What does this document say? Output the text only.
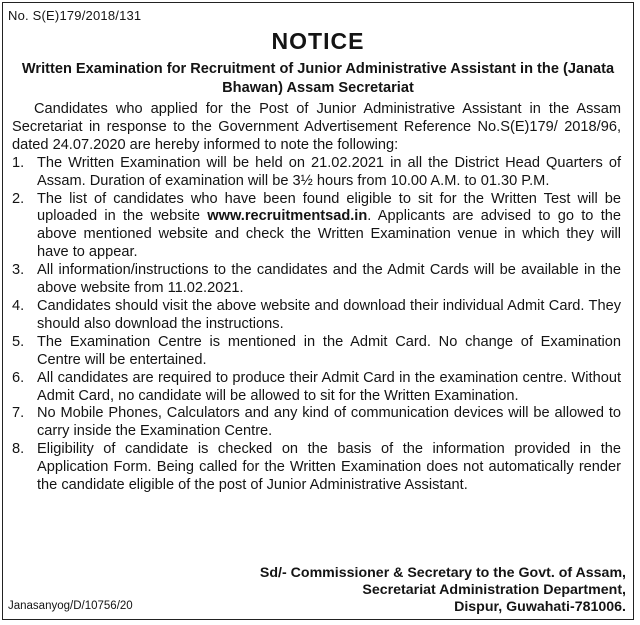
No. S(E)179/2018/131
NOTICE
Written Examination for Recruitment of Junior Administrative Assistant in the (Janata Bhawan) Assam Secretariat

Candidates who applied for the Post of Junior Administrative Assistant in the Assam Secretariat in response to the Government Advertisement Reference No.S(E)179/ 2018/96, dated 24.07.2020 are hereby informed to note the following:

1. The Written Examination will be held on 21.02.2021 in all the District Head Quarters of Assam. Duration of examination will be 3½ hours from 10.00 A.M. to 01.30 P.M.
2. The list of candidates who have been found eligible to sit for the Written Test will be uploaded in the website www.recruitmentsad.in. Applicants are advised to go to the above mentioned website and check the Written Examination venue in which they will have to appear.
3. All information/instructions to the candidates and the Admit Cards will be available in the above website from 11.02.2021.
4. Candidates should visit the above website and download their individual Admit Card. They should also download the instructions.
5. The Examination Centre is mentioned in the Admit Card. No change of Examination Centre will be entertained.
6. All candidates are required to produce their Admit Card in the examination centre. Without Admit Card, no candidate will be allowed to sit for the Written Examination.
7. No Mobile Phones, Calculators and any kind of communication devices will be allowed to carry inside the Examination Centre.
8. Eligibility of candidate is checked on the basis of the information provided in the Application Form. Being called for the Written Examination does not automatically render the candidate eligible of the post of Junior Administrative Assistant.
Sd/- Commissioner & Secretary to the Govt. of Assam,
Secretariat Administration Department,
Dispur, Guwahati-781006.
Janasanyog/D/10756/20
